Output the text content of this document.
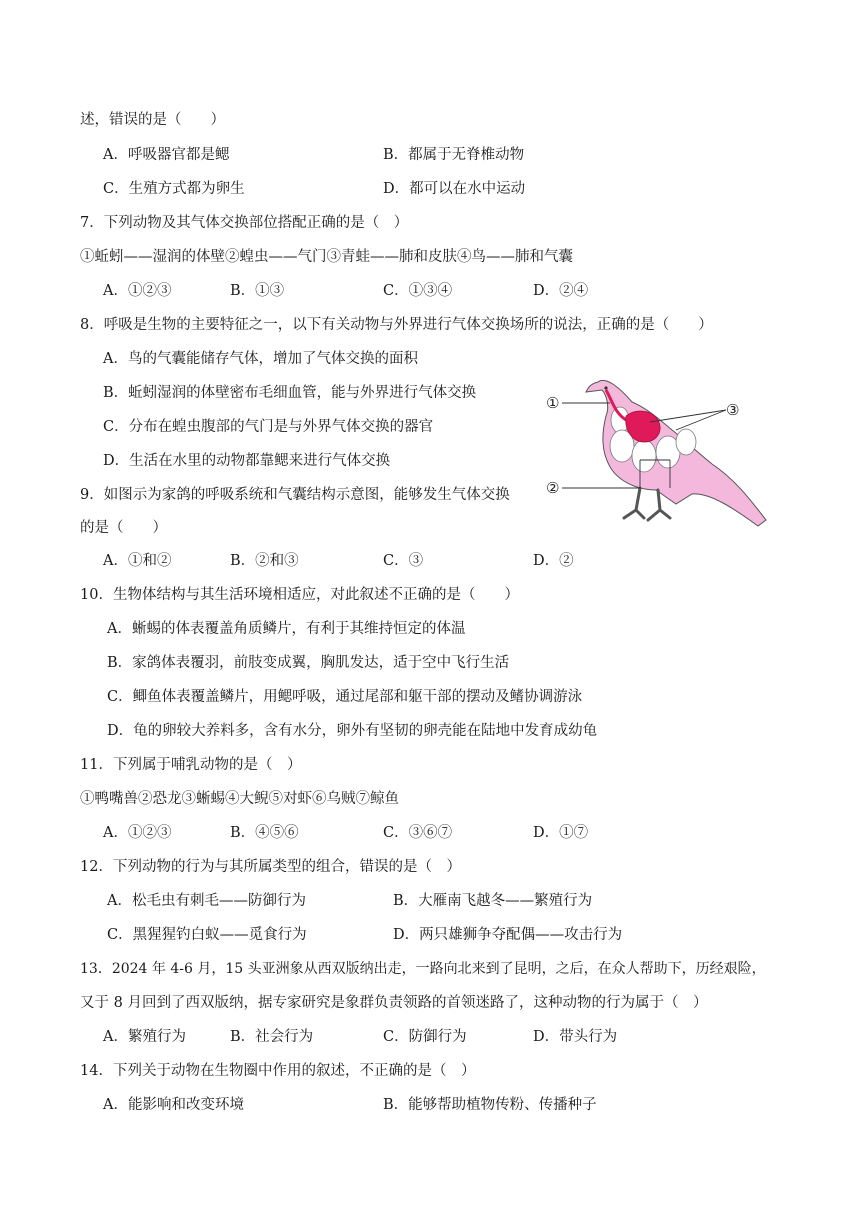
述，错误的是（　　）
A．呼吸器官都是鳃	B．都属于无脊椎动物
C．生殖方式都为卵生	D．都可以在水中运动
7．下列动物及其气体交换部位搭配正确的是（　）
①蚯蚓——湿润的体壁②蝗虫——气门③青蛙——肺和皮肤④鸟——肺和气囊
A．①②③	B．①③	C．①③④	D．②④
8．呼吸是生物的主要特征之一，以下有关动物与外界进行气体交换场所的说法，正确的是（　　）
A．鸟的气囊能储存气体，增加了气体交换的面积
B．蚯蚓湿润的体壁密布毛细血管，能与外界进行气体交换
C．分布在蝗虫腹部的气门是与外界气体交换的器官
D．生活在水里的动物都靠鳃来进行气体交换
9．如图示为家鸽的呼吸系统和气囊结构示意图，能够发生气体交换
的是（　　）
A．①和②	B．②和③	C．③	D．②
①
②
③
10．生物体结构与其生活环境相适应，对此叙述不正确的是（　　）
A．蜥蜴的体表覆盖角质鳞片，有利于其维持恒定的体温
B．家鸽体表覆羽，前肢变成翼，胸肌发达，适于空中飞行生活
C．鲫鱼体表覆盖鳞片，用鳃呼吸，通过尾部和躯干部的摆动及鳍协调游泳
D．龟的卵较大养料多，含有水分，卵外有坚韧的卵壳能在陆地中发育成幼龟
11．下列属于哺乳动物的是（　）
①鸭嘴兽②恐龙③蜥蜴④大鲵⑤对虾⑥乌贼⑦鲸鱼
A．①②③	B．④⑤⑥	C．③⑥⑦	D．①⑦
12．下列动物的行为与其所属类型的组合，错误的是（　）
A．松毛虫有刺毛——防御行为	B．大雁南飞越冬——繁殖行为
C．黑猩猩钓白蚁——觅食行为	D．两只雄狮争夺配偶——攻击行为
13．2024 年 4-6 月，15 头亚洲象从西双版纳出走，一路向北来到了昆明，之后，在众人帮助下，历经艰险，
又于 8 月回到了西双版纳，据专家研究是象群负责领路的首领迷路了，这种动物的行为属于（　）
A．繁殖行为	B．社会行为	C．防御行为	D．带头行为
14．下列关于动物在生物圈中作用的叙述，不正确的是（　）
A．能影响和改变环境	B．能够帮助植物传粉、传播种子
